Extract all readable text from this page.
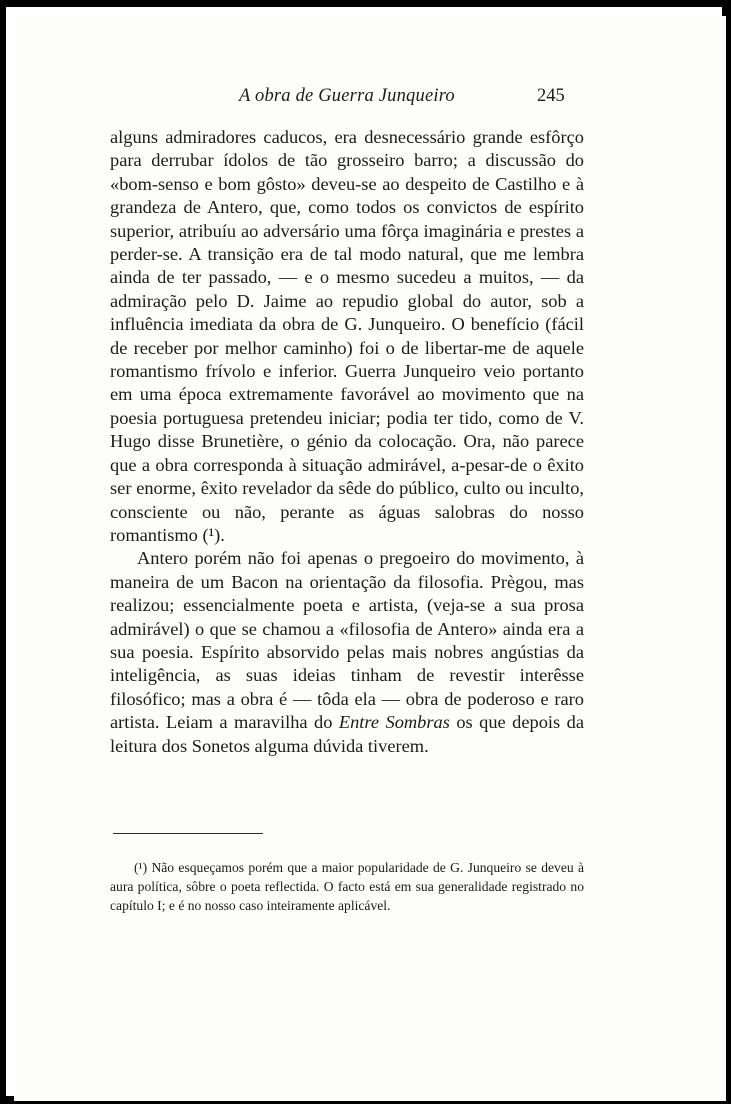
A obra de Guerra Junqueiro	245

alguns admiradores caducos, era desnecessário grande esfôrço para derrubar ídolos de tão grosseiro barro; a discussão do «bom-senso e bom gôsto» deveu-se ao despeito de Castilho e à grandeza de Antero, que, como todos os convictos de espírito superior, atribuíu ao adversário uma fôrça imaginária e prestes a perder-se. A transição era de tal modo natural, que me lembra ainda de ter passado, — e o mesmo sucedeu a muitos, — da admiração pelo D. Jaime ao repudio global do autor, sob a influência imediata da obra de G. Junqueiro. O benefício (fácil de receber por melhor caminho) foi o de libertar-me de aquele romantismo frívolo e inferior. Guerra Junqueiro veio portanto em uma época extremamente favorável ao movimento que na poesia portuguesa pretendeu iniciar; podia ter tido, como de V. Hugo disse Brunetière, o génio da colocação. Ora, não parece que a obra corresponda à situação admirável, a-pesar-de o êxito ser enorme, êxito revelador da sêde do público, culto ou inculto, consciente ou não, perante as águas salobras do nosso romantismo (¹).

Antero porém não foi apenas o pregoeiro do movimento, à maneira de um Bacon na orientação da filosofia. Prègou, mas realizou; essencialmente poeta e artista, (veja-se a sua prosa admirável) o que se chamou a «filosofia de Antero» ainda era a sua poesia. Espírito absorvido pelas mais nobres angústias da inteligência, as suas ideias tinham de revestir interêsse filosófico; mas a obra é — tôda ela — obra de poderoso e raro artista. Leiam a maravilha do Entre Sombras os que depois da leitura dos Sonetos alguma dúvida tiverem.

(¹) Não esqueçamos porém que a maior popularidade de G. Junqueiro se deveu à aura política, sôbre o poeta reflectida. O facto está em sua generalidade registrado no capítulo I; e é no nosso caso inteiramente aplicável.
